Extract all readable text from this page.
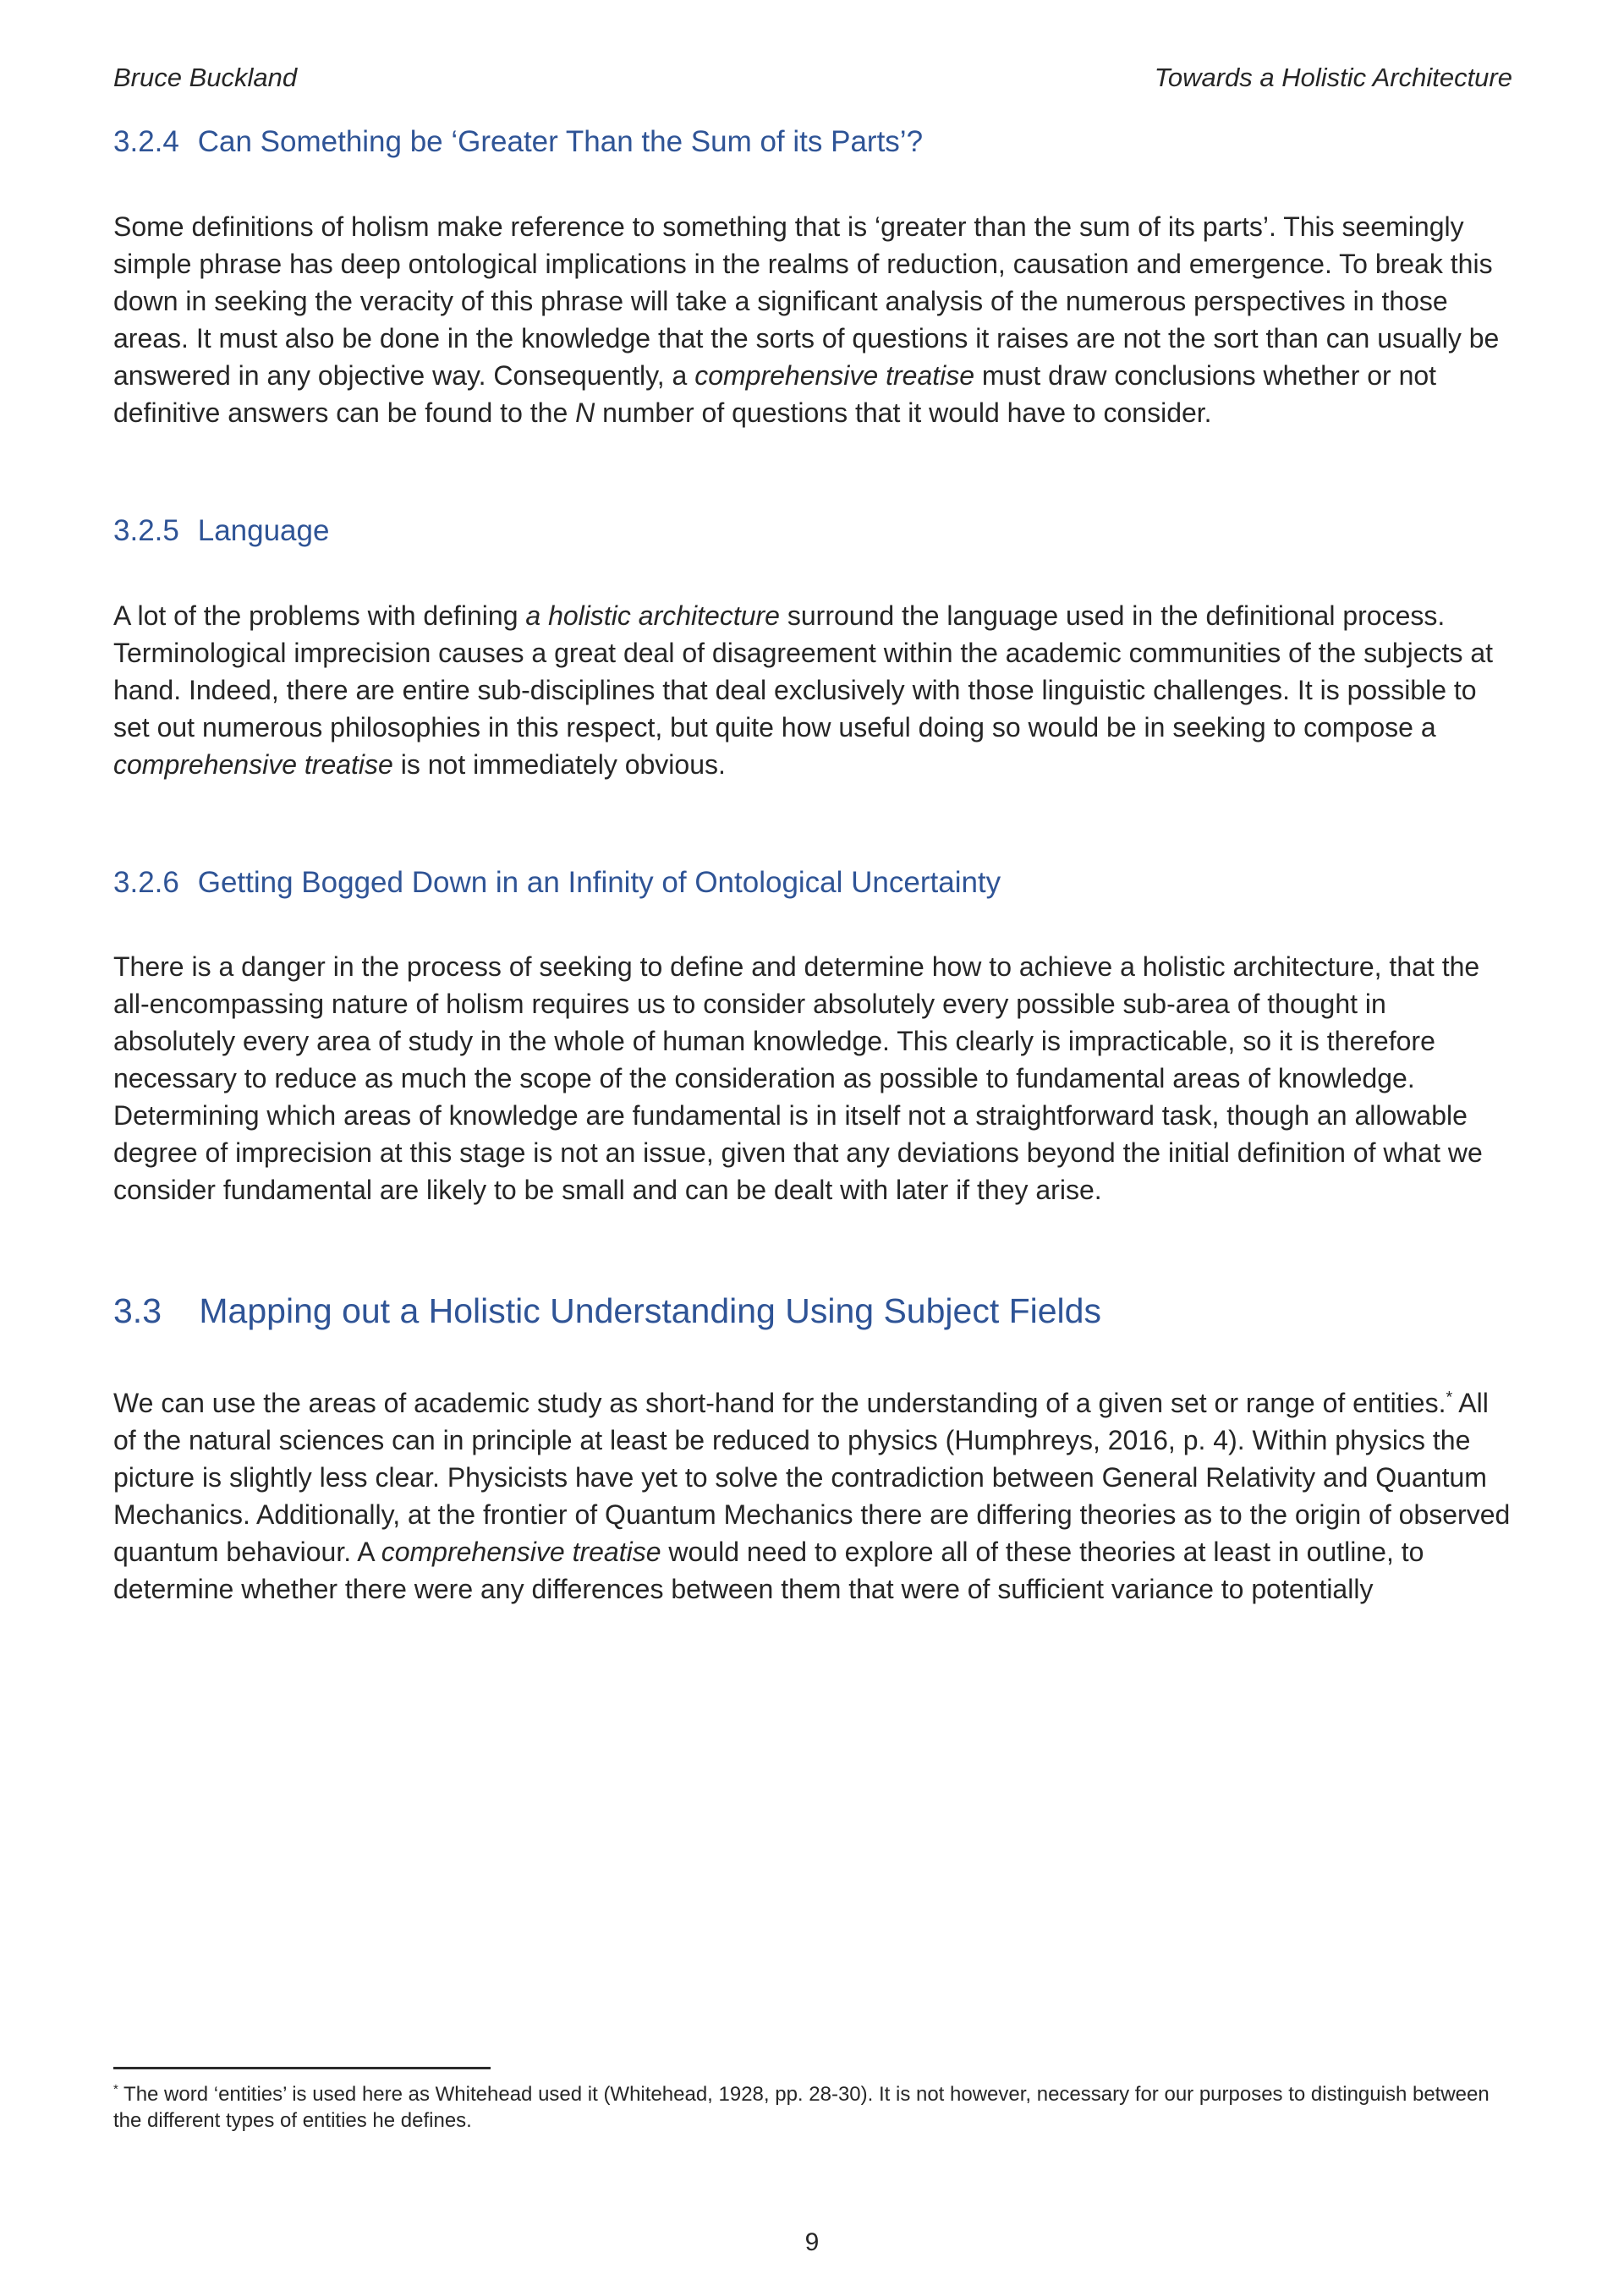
Bruce Buckland	Towards a Holistic Architecture
3.2.4 Can Something be ‘Greater Than the Sum of its Parts’?

Some definitions of holism make reference to something that is ‘greater than the sum of its parts’. This seemingly simple phrase has deep ontological implications in the realms of reduction, causation and emergence. To break this down in seeking the veracity of this phrase will take a significant analysis of the numerous perspectives in those areas. It must also be done in the knowledge that the sorts of questions it raises are not the sort than can usually be answered in any objective way. Consequently, a comprehensive treatise must draw conclusions whether or not definitive answers can be found to the N number of questions that it would have to consider.

3.2.5 Language

A lot of the problems with defining a holistic architecture surround the language used in the definitional process. Terminological imprecision causes a great deal of disagreement within the academic communities of the subjects at hand. Indeed, there are entire sub-disciplines that deal exclusively with those linguistic challenges. It is possible to set out numerous philosophies in this respect, but quite how useful doing so would be in seeking to compose a comprehensive treatise is not immediately obvious.

3.2.6 Getting Bogged Down in an Infinity of Ontological Uncertainty

There is a danger in the process of seeking to define and determine how to achieve a holistic architecture, that the all-encompassing nature of holism requires us to consider absolutely every possible sub-area of thought in absolutely every area of study in the whole of human knowledge. This clearly is impracticable, so it is therefore necessary to reduce as much the scope of the consideration as possible to fundamental areas of knowledge. Determining which areas of knowledge are fundamental is in itself not a straightforward task, though an allowable degree of imprecision at this stage is not an issue, given that any deviations beyond the initial definition of what we consider fundamental are likely to be small and can be dealt with later if they arise.

3.3 Mapping out a Holistic Understanding Using Subject Fields

We can use the areas of academic study as short-hand for the understanding of a given set or range of entities.* All of the natural sciences can in principle at least be reduced to physics (Humphreys, 2016, p. 4). Within physics the picture is slightly less clear. Physicists have yet to solve the contradiction between General Relativity and Quantum Mechanics. Additionally, at the frontier of Quantum Mechanics there are differing theories as to the origin of observed quantum behaviour. A comprehensive treatise would need to explore all of these theories at least in outline, to determine whether there were any differences between them that were of sufficient variance to potentially

* The word ‘entities’ is used here as Whitehead used it (Whitehead, 1928, pp. 28-30). It is not however, necessary for our purposes to distinguish between the different types of entities he defines.

9
